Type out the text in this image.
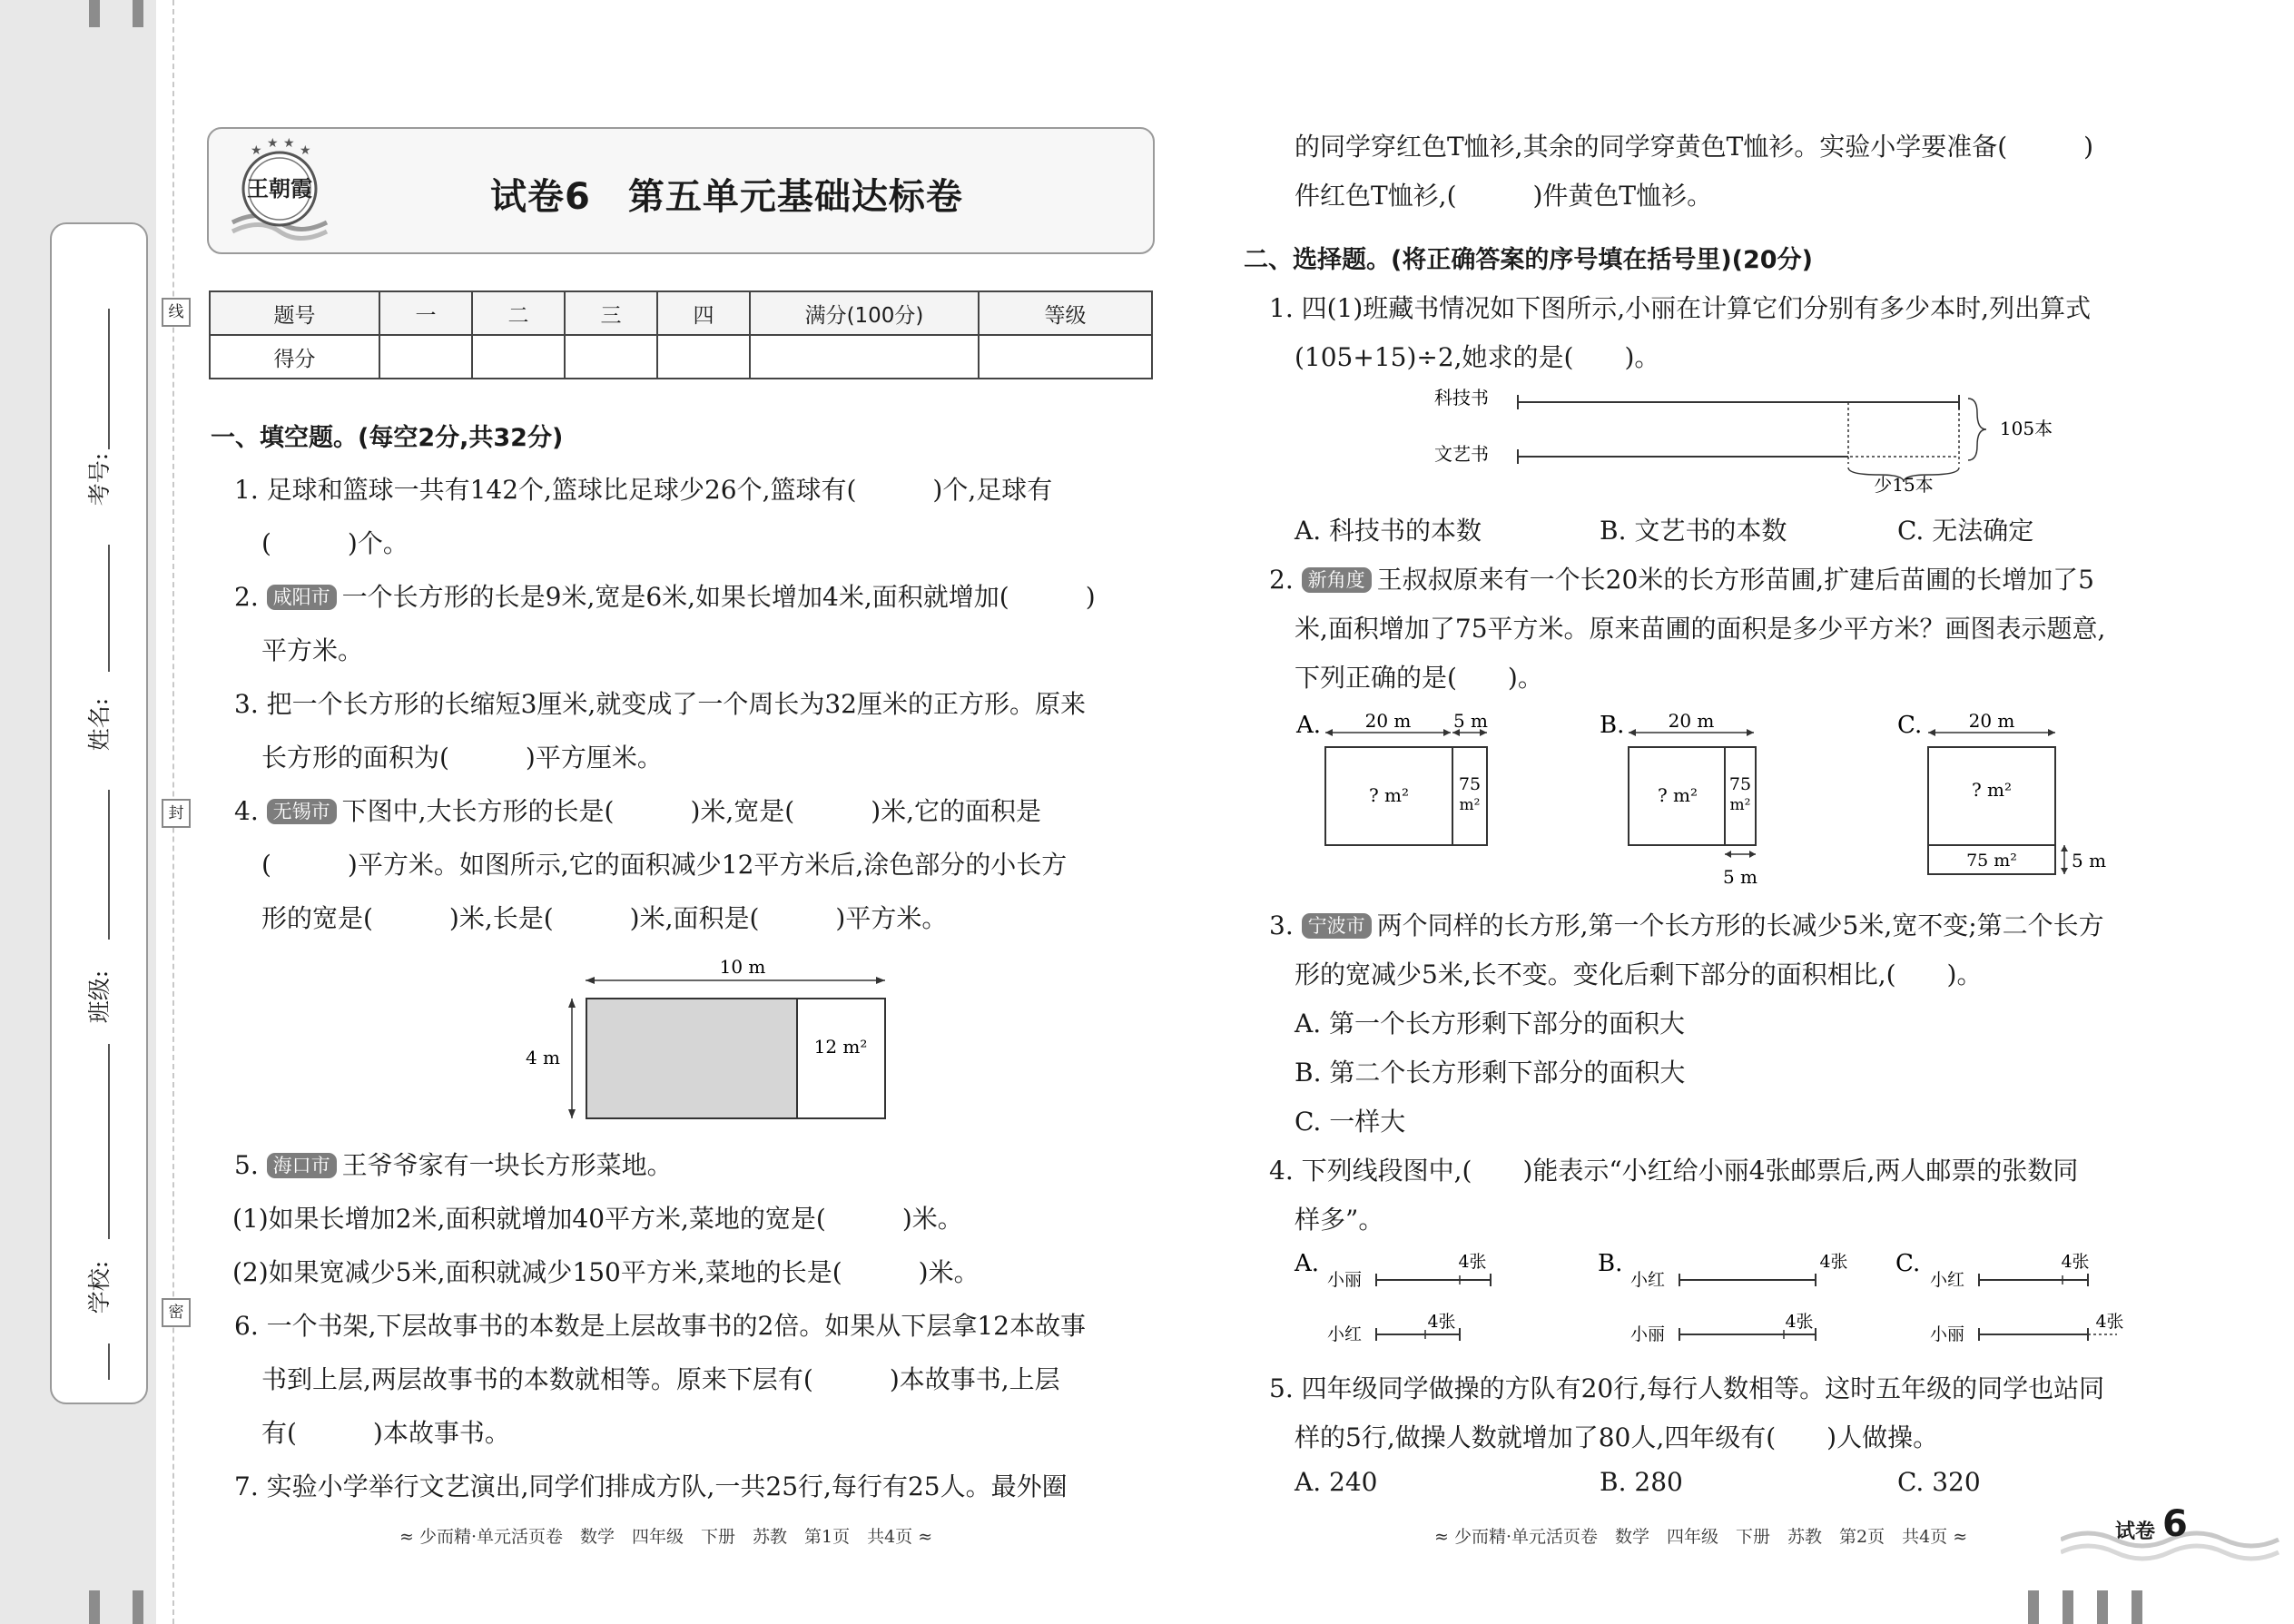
考号:
姓名:
班级:
学校:
线
封
密
★ ★ ★ ★
王朝霞	试卷6　第五单元基础达标卷
题号	一	二	三	四	满分(100分)	等级
得分						
一、填空题。(每空2分,共32分)
1. 足球和篮球一共有142个,篮球比足球少26个,篮球有(　　　)个,足球有
(　　　)个。
2. 咸阳市 一个长方形的长是9米,宽是6米,如果长增加4米,面积就增加(　　　)
平方米。
3. 把一个长方形的长缩短3厘米,就变成了一个周长为32厘米的正方形。原来
长方形的面积为(　　　)平方厘米。
4. 无锡市 下图中,大长方形的长是(　　　)米,宽是(　　　)米,它的面积是
(　　　)平方米。如图所示,它的面积减少12平方米后,涂色部分的小长方
形的宽是(　　　)米,长是(　　　)米,面积是(　　　)平方米。
10 m
4 m	12 m²
5. 海口市 王爷爷家有一块长方形菜地。
(1)如果长增加2米,面积就增加40平方米,菜地的宽是(　　　)米。
(2)如果宽减少5米,面积就减少150平方米,菜地的长是(　　　)米。
6. 一个书架,下层故事书的本数是上层故事书的2倍。如果从下层拿12本故事
书到上层,两层故事书的本数就相等。原来下层有(　　　)本故事书,上层
有(　　　)本故事书。
7. 实验小学举行文艺演出,同学们排成方队,一共25行,每行有25人。最外圈
≈ 少而精·单元活页卷　数学　四年级　下册　苏教　第1页　共4页 ≈
的同学穿红色T恤衫,其余的同学穿黄色T恤衫。实验小学要准备(　　　)
件红色T恤衫,(　　　)件黄色T恤衫。
二、选择题。(将正确答案的序号填在括号里)(20分)
1. 四(1)班藏书情况如下图所示,小丽在计算它们分别有多少本时,列出算式
(105+15)÷2,她求的是(　　)。
科技书
文艺书
105本
少15本
A. 科技书的本数	B. 文艺书的本数	C. 无法确定
2. 新角度 王叔叔原来有一个长20米的长方形苗圃,扩建后苗圃的长增加了5
米,面积增加了75平方米。原来苗圃的面积是多少平方米？画图表示题意,
下列正确的是(　　)。
A. 20 m 5 m
? m²	75
m²
B. 20 m
? m² 75
m²
5 m
C.	20 m
? m²
75 m²	5 m
3. 宁波市 两个同样的长方形,第一个长方形的长减少5米,宽不变;第二个长方
形的宽减少5米,长不变。变化后剩下部分的面积相比,(　　)。
A. 第一个长方形剩下部分的面积大
B. 第二个长方形剩下部分的面积大
C. 一样大
4. 下列线段图中,(　　)能表示“小红给小丽4张邮票后,两人邮票的张数同
样多”。
A.
小丽
4张
小红
4张
B.
小红
4张
小丽
4张
C.
小红
4张
小丽
4张
5. 四年级同学做操的方队有20行,每行人数相等。这时五年级的同学也站同
样的5行,做操人数就增加了80人,四年级有(　　)人做操。
A. 240	B. 280	C. 320
≈ 少而精·单元活页卷　数学　四年级　下册　苏教　第2页　共4页 ≈	试卷 6
